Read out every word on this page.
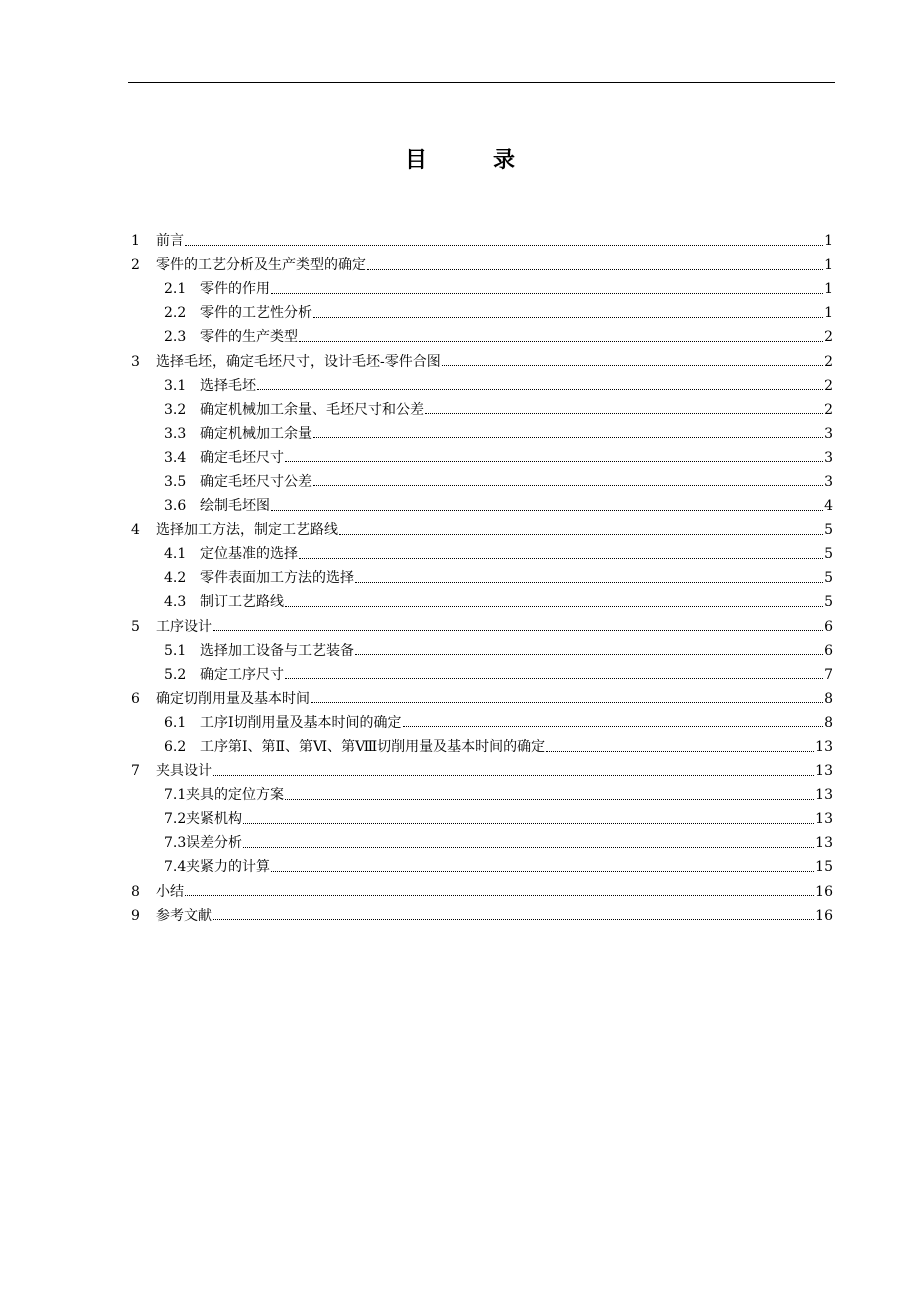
目　录
1	前言	1
2	零件的工艺分析及生产类型的确定	1
2.1 零件的作用	1
2.2 零件的工艺性分析	1
2.3 零件的生产类型	2
3	选择毛坯，确定毛坯尺寸，设计毛坯-零件合图	2
3.1 选择毛坯	2
3.2 确定机械加工余量、毛坯尺寸和公差	2
3.3 确定机械加工余量	3
3.4 确定毛坯尺寸	3
3.5 确定毛坯尺寸公差	3
3.6 绘制毛坯图	4
4	选择加工方法，制定工艺路线	5
4.1 定位基准的选择	5
4.2 零件表面加工方法的选择	5
4.3 制订工艺路线	5
5	工序设计	6
5.1 选择加工设备与工艺装备	6
5.2 确定工序尺寸	7
6	确定切削用量及基本时间	8
6.1 工序Ⅰ切削用量及基本时间的确定	8
6.2 工序第Ⅰ、第Ⅱ、第Ⅵ、第Ⅷ切削用量及基本时间的确定	13
7	夹具设计	13
7.1 夹具的定位方案	13
7.2 夹紧机构	13
7.3 误差分析	13
7.4 夹紧力的计算	15
8	小结	16
9	参考文献	16
